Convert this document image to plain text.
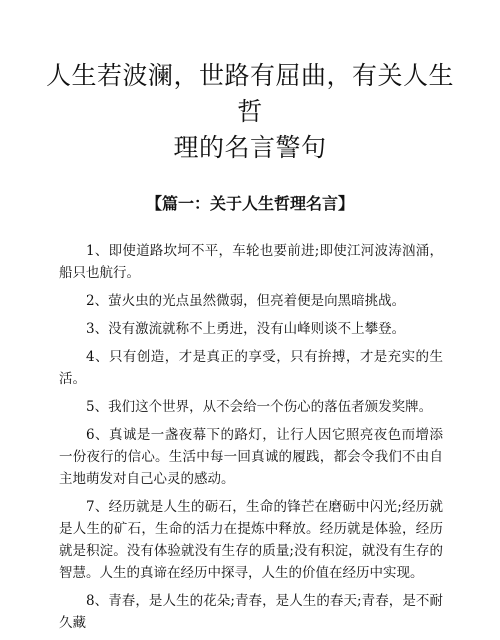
人生若波澜，世路有屈曲，有关人生哲
理的名言警句
【篇一：关于人生哲理名言】
1、即使道路坎坷不平，车轮也要前进;即使江河波涛汹涌，船只也航行。
2、萤火虫的光点虽然微弱，但亮着便是向黑暗挑战。
3、没有激流就称不上勇进，没有山峰则谈不上攀登。
4、只有创造，才是真正的享受，只有拚搏，才是充实的生活。
5、我们这个世界，从不会给一个伤心的落伍者颁发奖牌。
6、真诚是一盏夜幕下的路灯，让行人因它照亮夜色而增添一份夜行的信心。生活中每一回真诚的履践，都会令我们不由自主地萌发对自己心灵的感动。
7、经历就是人生的砺石，生命的锋芒在磨砺中闪光;经历就是人生的矿石，生命的活力在提炼中释放。经历就是体验，经历就是积淀。没有体验就没有生存的质量;没有积淀，就没有生存的智慧。人生的真谛在经历中探寻，人生的价值在经历中实现。
8、青春，是人生的花朵;青春，是人生的春天;青春，是不耐久藏
